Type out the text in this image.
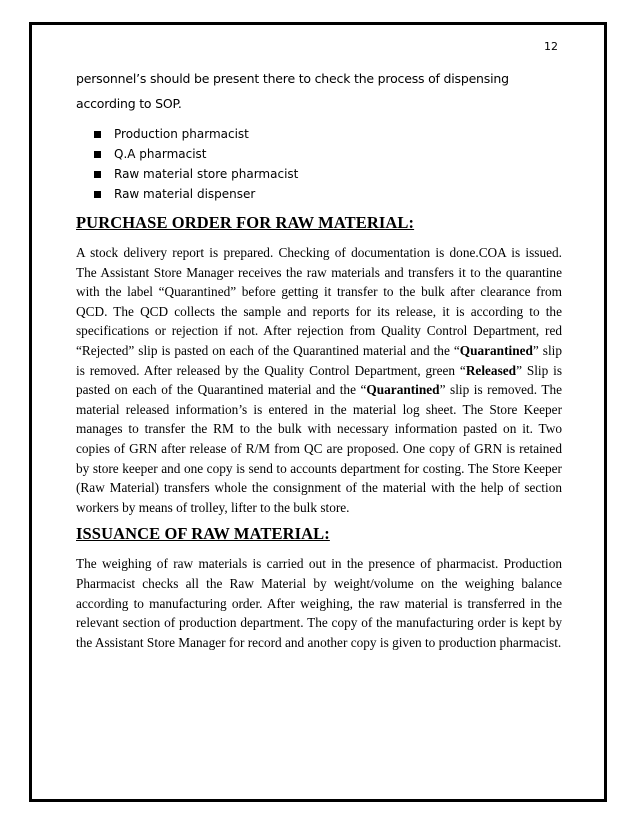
12

personnel’s should be present there to check the process of dispensing according to SOP.

Production pharmacist
Q.A pharmacist
Raw material store pharmacist
Raw material dispenser
PURCHASE ORDER FOR RAW MATERIAL:

A stock delivery report is prepared. Checking of documentation is done.COA is issued. The Assistant Store Manager receives the raw materials and transfers it to the quarantine with the label “Quarantined” before getting it transfer to the bulk after clearance from QCD. The QCD collects the sample and reports for its release, it is according to the specifications or rejection if not. After rejection from Quality Control Department, red “Rejected” slip is pasted on each of the Quarantined material and the “Quarantined” slip is removed. After released by the Quality Control Department, green “Released” Slip is pasted on each of the Quarantined material and the “Quarantined” slip is removed. The material released information’s is entered in the material log sheet. The Store Keeper manages to transfer the RM to the bulk with necessary information pasted on it. Two copies of GRN after release of R/M from QC are proposed. One copy of GRN is retained by store keeper and one copy is send to accounts department for costing. The Store Keeper (Raw Material) transfers whole the consignment of the material with the help of section workers by means of trolley, lifter to the bulk store.

ISSUANCE OF RAW MATERIAL:

The weighing of raw materials is carried out in the presence of pharmacist. Production Pharmacist checks all the Raw Material by weight/volume on the weighing balance according to manufacturing order. After weighing, the raw material is transferred in the relevant section of production department. The copy of the manufacturing order is kept by the Assistant Store Manager for record and another copy is given to production pharmacist.
